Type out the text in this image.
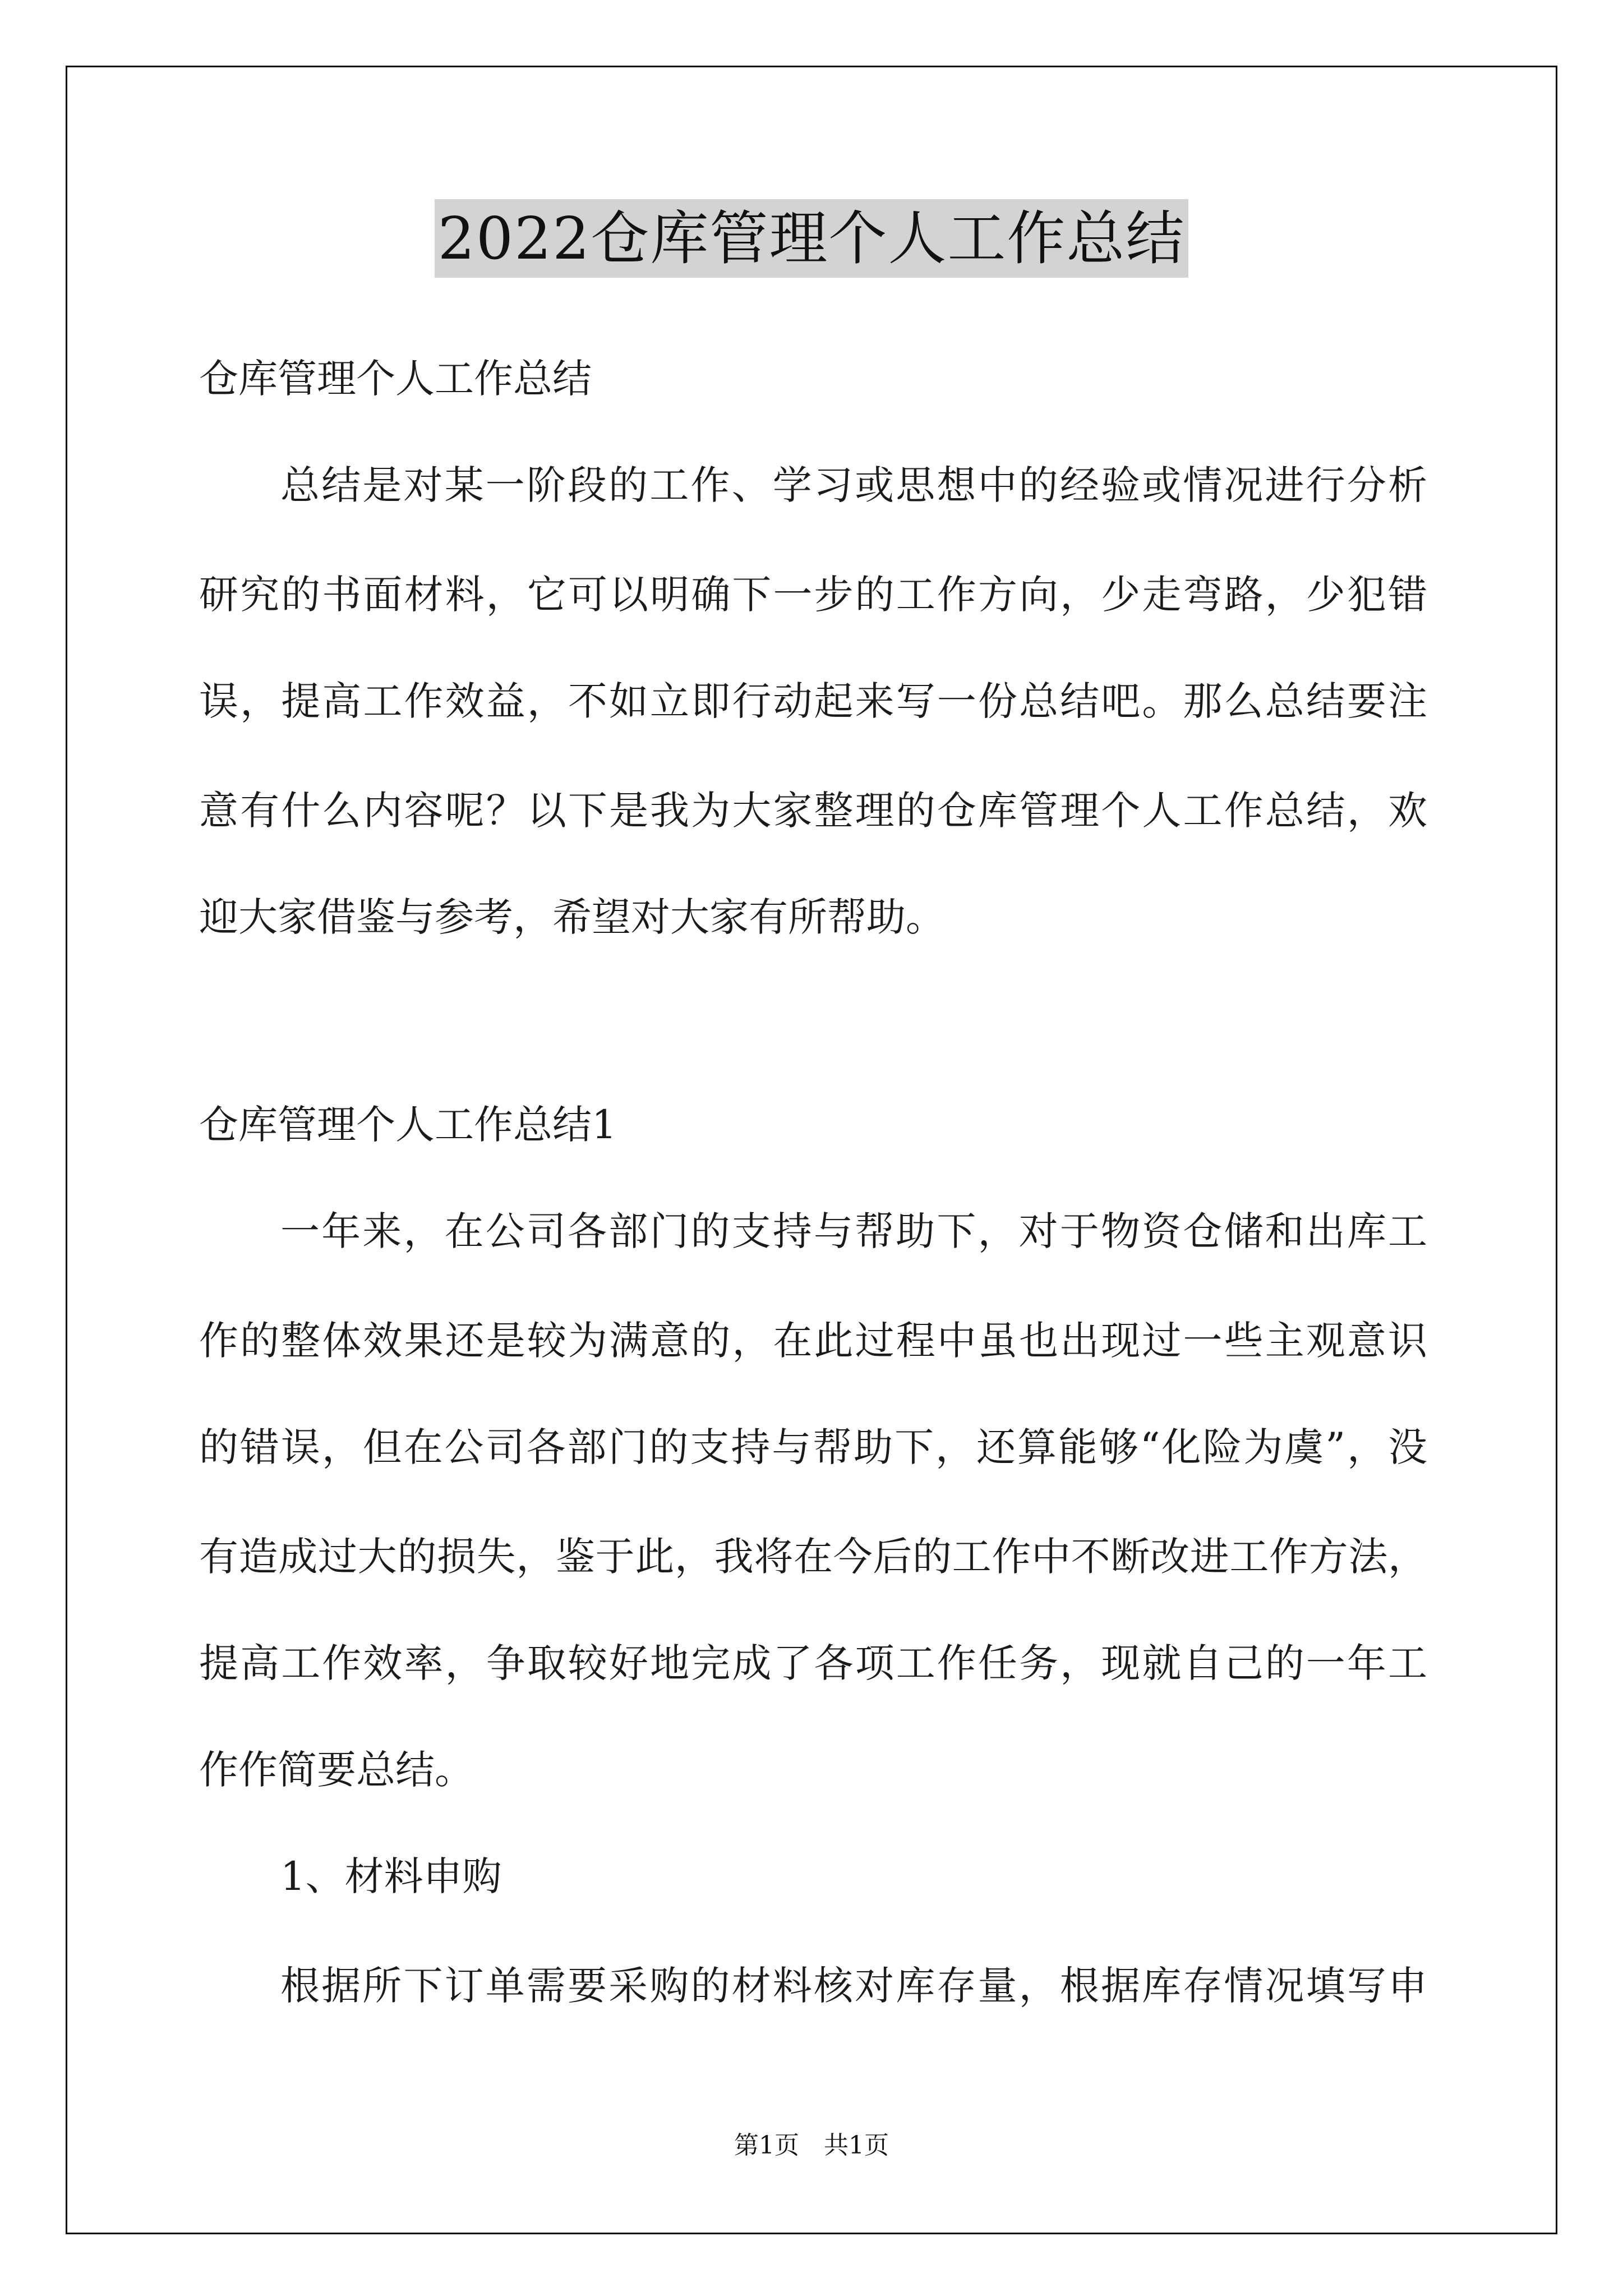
2022仓库管理个人工作总结
仓库管理个人工作总结
总结是对某一阶段的工作、学习或思想中的经验或情况进行分析
研究的书面材料，它可以明确下一步的工作方向，少走弯路，少犯错
误，提高工作效益，不如立即行动起来写一份总结吧。那么总结要注
意有什么内容呢？以下是我为大家整理的仓库管理个人工作总结，欢
迎大家借鉴与参考，希望对大家有所帮助。
仓库管理个人工作总结1
一年来，在公司各部门的支持与帮助下，对于物资仓储和出库工
作的整体效果还是较为满意的，在此过程中虽也出现过一些主观意识
的错误，但在公司各部门的支持与帮助下，还算能够“化险为虞”，没
有造成过大的损失，鉴于此，我将在今后的工作中不断改进工作方法，
提高工作效率，争取较好地完成了各项工作任务，现就自己的一年工
作作简要总结。
1、材料申购
根据所下订单需要采购的材料核对库存量，根据库存情况填写申
第1页　共1页
